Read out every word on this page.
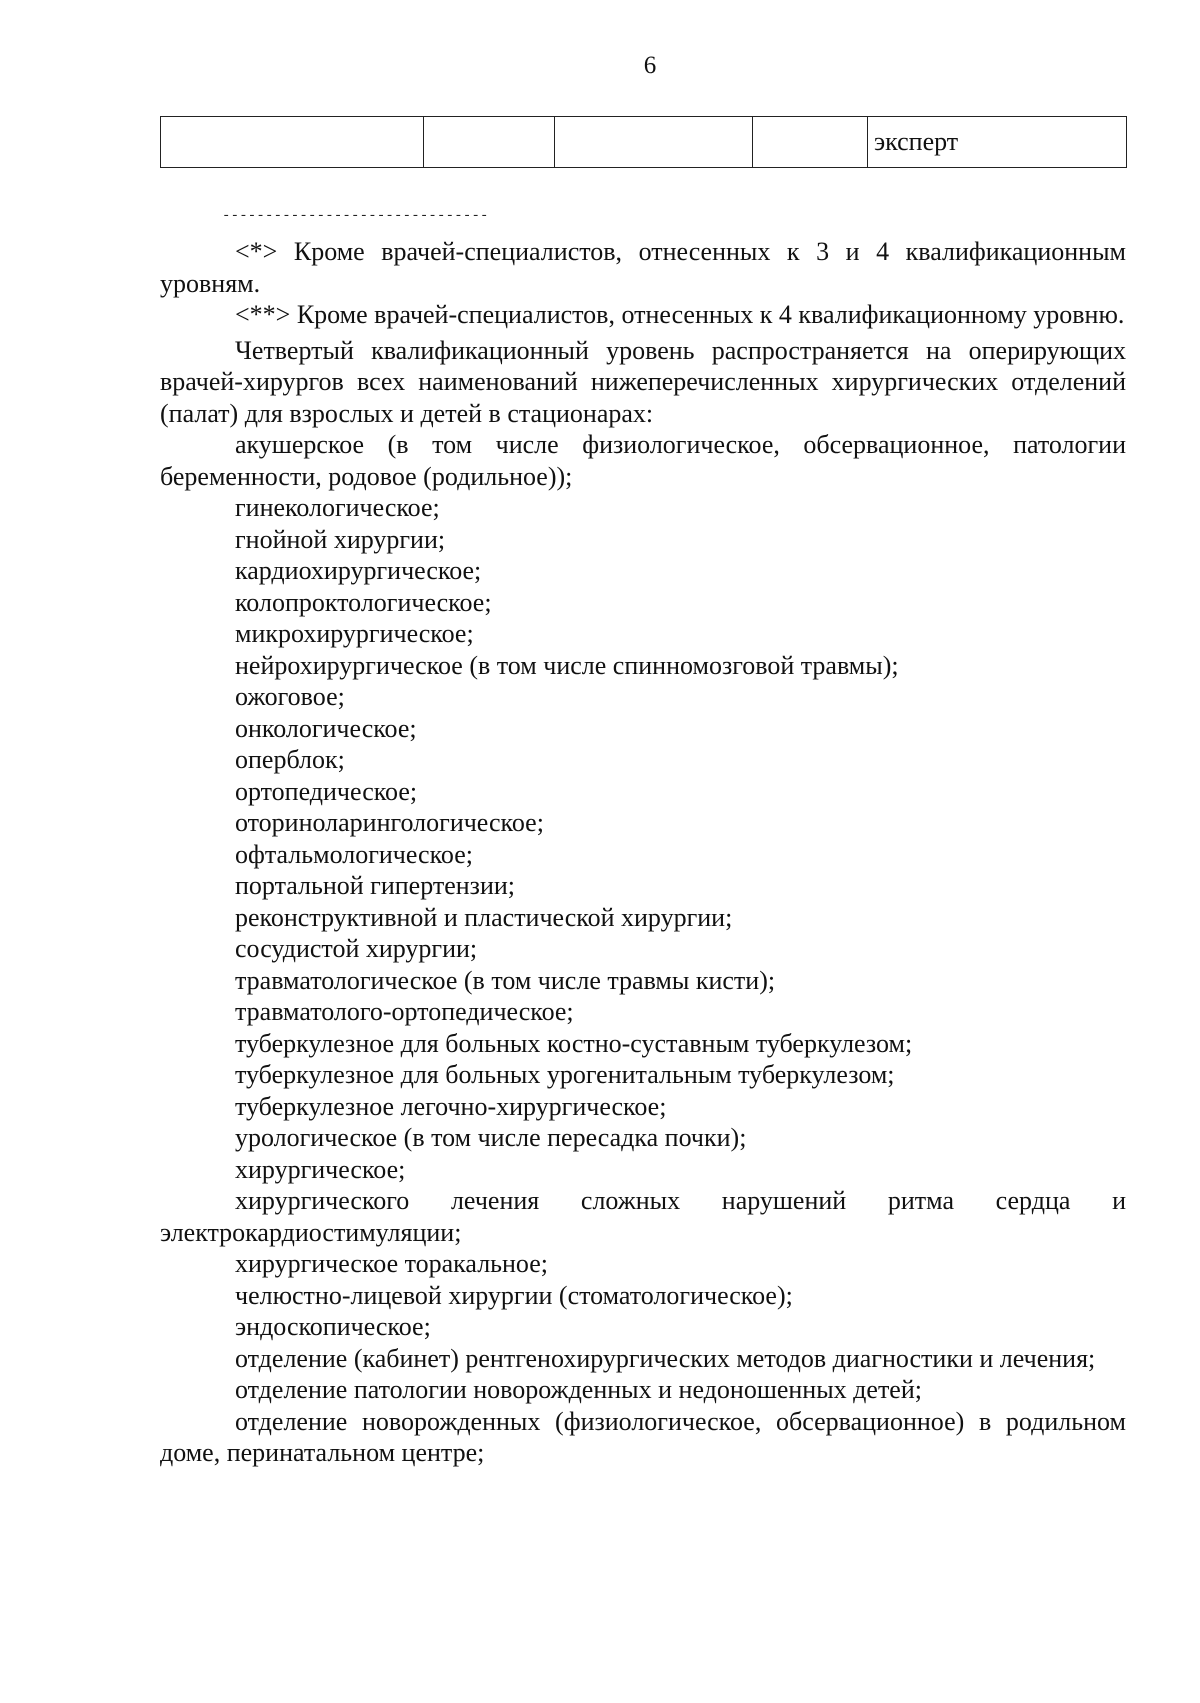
6
				эксперт
-------------------------------

<*> Кроме врачей-специалистов, отнесенных к 3 и 4 квалификационным уровням.

<**> Кроме врачей-специалистов, отнесенных к 4 квалификационному уровню.

Четвертый квалификационный уровень распространяется на оперирующих врачей-хирургов всех наименований нижеперечисленных хирургических отделений (палат) для взрослых и детей в стационарах:

акушерское (в том числе физиологическое, обсервационное, патологии беременности, родовое (родильное));

гинекологическое;

гнойной хирургии;

кардиохирургическое;

колопроктологическое;

микрохирургическое;

нейрохирургическое (в том числе спинномозговой травмы);

ожоговое;

онкологическое;

оперблок;

ортопедическое;

оториноларингологическое;

офтальмологическое;

портальной гипертензии;

реконструктивной и пластической хирургии;

сосудистой хирургии;

травматологическое (в том числе травмы кисти);

травматолого-ортопедическое;

туберкулезное для больных костно-суставным туберкулезом;

туберкулезное для больных урогенитальным туберкулезом;

туберкулезное легочно-хирургическое;

урологическое (в том числе пересадка почки);

хирургическое;

хирургического лечения сложных нарушений ритма сердца и электрокардиостимуляции;

хирургическое торакальное;

челюстно-лицевой хирургии (стоматологическое);

эндоскопическое;

отделение (кабинет) рентгенохирургических методов диагностики и лечения;

отделение патологии новорожденных и недоношенных детей;

отделение новорожденных (физиологическое, обсервационное) в родильном доме, перинатальном центре;
